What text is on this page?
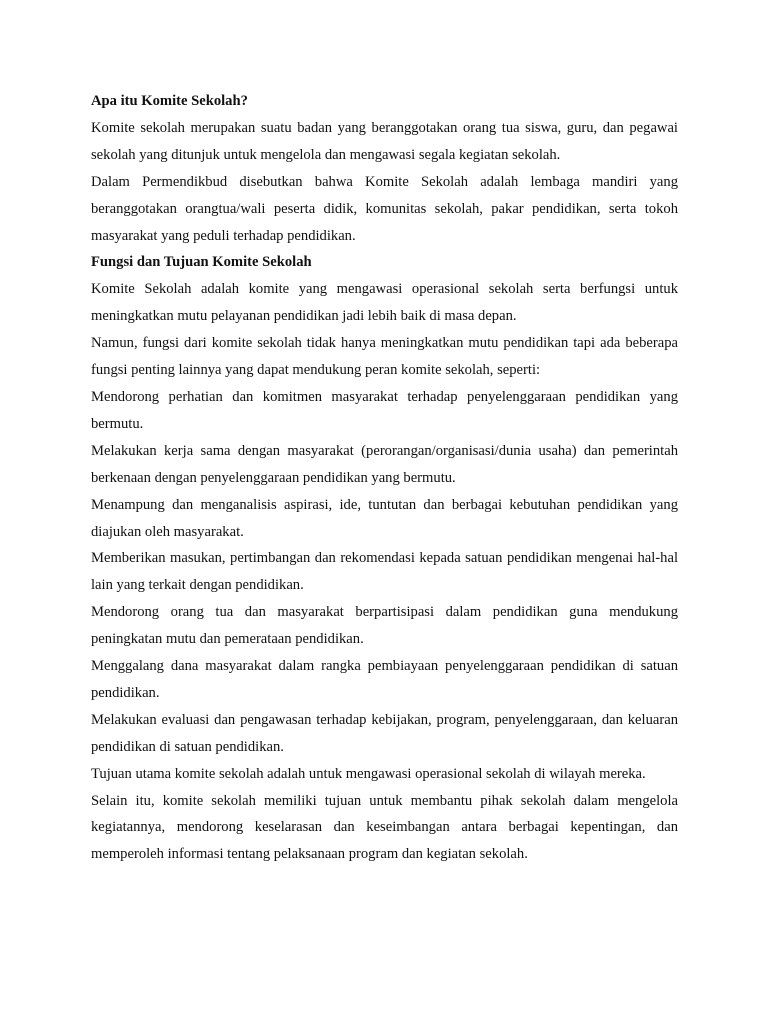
Apa itu Komite Sekolah?

Komite sekolah merupakan suatu badan yang beranggotakan orang tua siswa, guru, dan pegawai sekolah yang ditunjuk untuk mengelola dan mengawasi segala kegiatan sekolah.

Dalam Permendikbud disebutkan bahwa Komite Sekolah adalah lembaga mandiri yang beranggotakan orangtua/wali peserta didik, komunitas sekolah, pakar pendidikan, serta tokoh masyarakat yang peduli terhadap pendidikan.

Fungsi dan Tujuan Komite Sekolah

Komite Sekolah adalah komite yang mengawasi operasional sekolah serta berfungsi untuk meningkatkan mutu pelayanan pendidikan jadi lebih baik di masa depan.

Namun, fungsi dari komite sekolah tidak hanya meningkatkan mutu pendidikan tapi ada beberapa fungsi penting lainnya yang dapat mendukung peran komite sekolah, seperti:

Mendorong perhatian dan komitmen masyarakat terhadap penyelenggaraan pendidikan yang bermutu.

Melakukan kerja sama dengan masyarakat (perorangan/organisasi/dunia usaha) dan pemerintah berkenaan dengan penyelenggaraan pendidikan yang bermutu.

Menampung dan menganalisis aspirasi, ide, tuntutan dan berbagai kebutuhan pendidikan yang diajukan oleh masyarakat.

Memberikan masukan, pertimbangan dan rekomendasi kepada satuan pendidikan mengenai hal-hal lain yang terkait dengan pendidikan.

Mendorong orang tua dan masyarakat berpartisipasi dalam pendidikan guna mendukung peningkatan mutu dan pemerataan pendidikan.

Menggalang dana masyarakat dalam rangka pembiayaan penyelenggaraan pendidikan di satuan pendidikan.

Melakukan evaluasi dan pengawasan terhadap kebijakan, program, penyelenggaraan, dan keluaran pendidikan di satuan pendidikan.

Tujuan utama komite sekolah adalah untuk mengawasi operasional sekolah di wilayah mereka.

Selain itu, komite sekolah memiliki tujuan untuk membantu pihak sekolah dalam mengelola kegiatannya, mendorong keselarasan dan keseimbangan antara berbagai kepentingan, dan memperoleh informasi tentang pelaksanaan program dan kegiatan sekolah.
